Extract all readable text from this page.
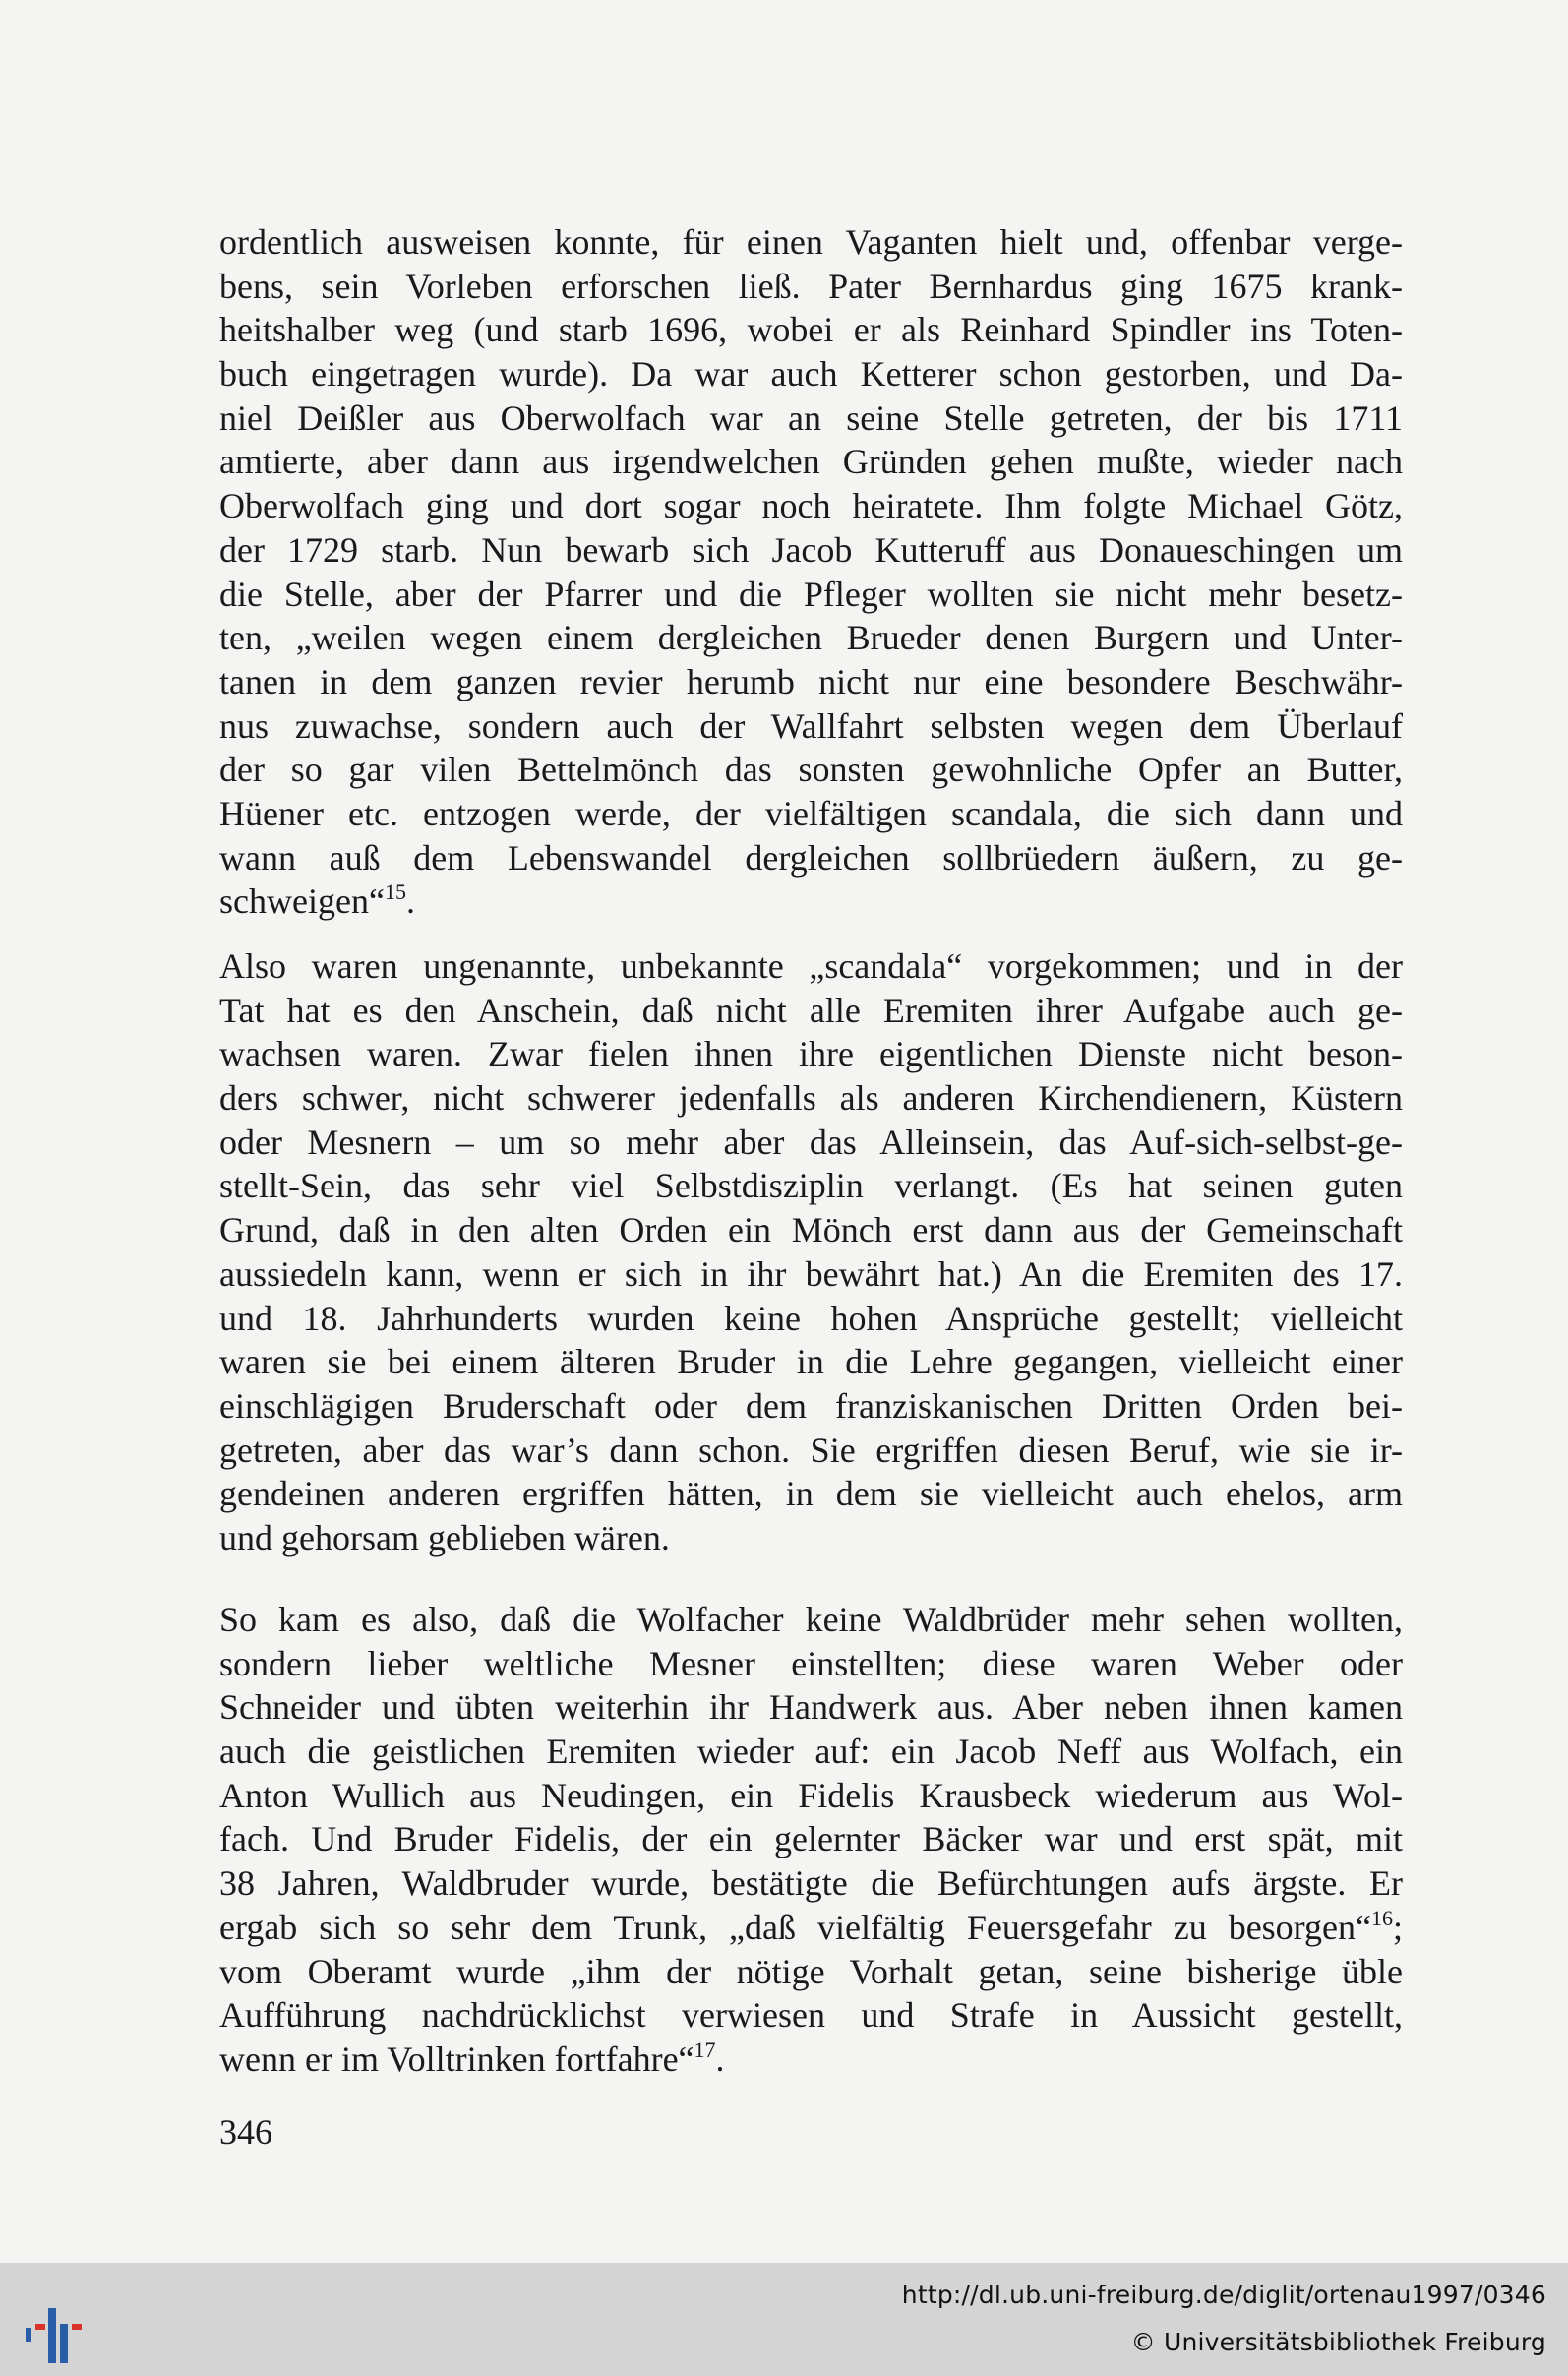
ordentlich ausweisen konnte, für einen Vaganten hielt und, offenbar verge-
bens, sein Vorleben erforschen ließ. Pater Bernhardus ging 1675 krank-
heitshalber weg (und starb 1696, wobei er als Reinhard Spindler ins Toten-
buch eingetragen wurde). Da war auch Ketterer schon gestorben, und Da-
niel Deißler aus Oberwolfach war an seine Stelle getreten, der bis 1711
amtierte, aber dann aus irgendwelchen Gründen gehen mußte, wieder nach
Oberwolfach ging und dort sogar noch heiratete. Ihm folgte Michael Götz,
der 1729 starb. Nun bewarb sich Jacob Kutteruff aus Donaueschingen um
die Stelle, aber der Pfarrer und die Pfleger wollten sie nicht mehr besetz-
ten, „weilen wegen einem dergleichen Brueder denen Burgern und Unter-
tanen in dem ganzen revier herumb nicht nur eine besondere Beschwähr-
nus zuwachse, sondern auch der Wallfahrt selbsten wegen dem Überlauf
der so gar vilen Bettelmönch das sonsten gewohnliche Opfer an Butter,
Hüener etc. entzogen werde, der vielfältigen scandala, die sich dann und
wann auß dem Lebenswandel dergleichen sollbrüedern äußern, zu ge-
schweigen“$^{15}$.
Also waren ungenannte, unbekannte „scandala“ vorgekommen; und in der
Tat hat es den Anschein, daß nicht alle Eremiten ihrer Aufgabe auch ge-
wachsen waren. Zwar fielen ihnen ihre eigentlichen Dienste nicht beson-
ders schwer, nicht schwerer jedenfalls als anderen Kirchendienern, Küstern
oder Mesnern – um so mehr aber das Alleinsein, das Auf-sich-selbst-ge-
stellt-Sein, das sehr viel Selbstdisziplin verlangt. (Es hat seinen guten
Grund, daß in den alten Orden ein Mönch erst dann aus der Gemeinschaft
aussiedeln kann, wenn er sich in ihr bewährt hat.) An die Eremiten des 17.
und 18. Jahrhunderts wurden keine hohen Ansprüche gestellt; vielleicht
waren sie bei einem älteren Bruder in die Lehre gegangen, vielleicht einer
einschlägigen Bruderschaft oder dem franziskanischen Dritten Orden bei-
getreten, aber das war’s dann schon. Sie ergriffen diesen Beruf, wie sie ir-
gendeinen anderen ergriffen hätten, in dem sie vielleicht auch ehelos, arm
und gehorsam geblieben wären.
So kam es also, daß die Wolfacher keine Waldbrüder mehr sehen wollten,
sondern lieber weltliche Mesner einstellten; diese waren Weber oder
Schneider und übten weiterhin ihr Handwerk aus. Aber neben ihnen kamen
auch die geistlichen Eremiten wieder auf: ein Jacob Neff aus Wolfach, ein
Anton Wullich aus Neudingen, ein Fidelis Krausbeck wiederum aus Wol-
fach. Und Bruder Fidelis, der ein gelernter Bäcker war und erst spät, mit
38 Jahren, Waldbruder wurde, bestätigte die Befürchtungen aufs ärgste. Er
ergab sich so sehr dem Trunk, „daß vielfältig Feuersgefahr zu besorgen“$^{16}$;
vom Oberamt wurde „ihm der nötige Vorhalt getan, seine bisherige üble
Aufführung nachdrücklichst verwiesen und Strafe in Aussicht gestellt,
wenn er im Volltrinken fortfahre“$^{17}$.
346
http://dl.ub.uni-freiburg.de/diglit/ortenau1997/0346
© Universitätsbibliothek Freiburg
